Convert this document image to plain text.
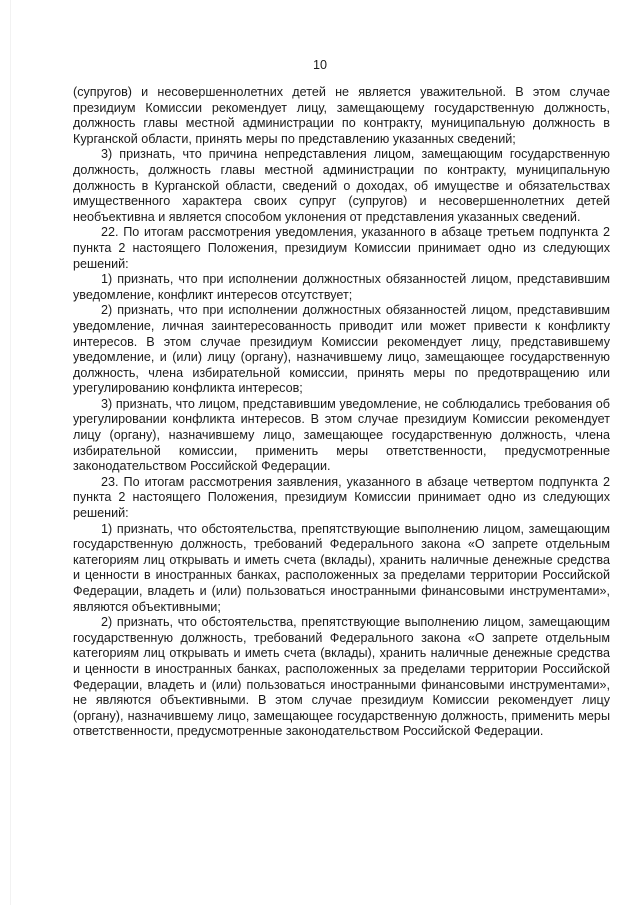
10

(супругов) и несовершеннолетних детей не является уважительной. В этом случае президиум Комиссии рекомендует лицу, замещающему государственную должность, должность главы местной администрации по контракту, муниципальную должность в Курганской области, принять меры по представлению указанных сведений;

3) признать, что причина непредставления лицом, замещающим государственную должность, должность главы местной администрации по контракту, муниципальную должность в Курганской области, сведений о доходах, об имуществе и обязательствах имущественного характера своих супруг (супругов) и несовершеннолетних детей необъективна и является способом уклонения от представления указанных сведений.

22. По итогам рассмотрения уведомления, указанного в абзаце третьем подпункта 2 пункта 2 настоящего Положения, президиум Комиссии принимает одно из следующих решений:

1) признать, что при исполнении должностных обязанностей лицом, представившим уведомление, конфликт интересов отсутствует;

2) признать, что при исполнении должностных обязанностей лицом, представившим уведомление, личная заинтересованность приводит или может привести к конфликту интересов. В этом случае президиум Комиссии рекомендует лицу, представившему уведомление, и (или) лицу (органу), назначившему лицо, замещающее государственную должность, члена избирательной комиссии, принять меры по предотвращению или урегулированию конфликта интересов;

3) признать, что лицом, представившим уведомление, не соблюдались требования об урегулировании конфликта интересов. В этом случае президиум Комиссии рекомендует лицу (органу), назначившему лицо, замещающее государственную должность, члена избирательной комиссии, применить меры ответственности, предусмотренные законодательством Российской Федерации.

23. По итогам рассмотрения заявления, указанного в абзаце четвертом подпункта 2 пункта 2 настоящего Положения, президиум Комиссии принимает одно из следующих решений:

1) признать, что обстоятельства, препятствующие выполнению лицом, замещающим государственную должность, требований Федерального закона «О запрете отдельным категориям лиц открывать и иметь счета (вклады), хранить наличные денежные средства и ценности в иностранных банках, расположенных за пределами территории Российской Федерации, владеть и (или) пользоваться иностранными финансовыми инструментами», являются объективными;

2) признать, что обстоятельства, препятствующие выполнению лицом, замещающим государственную должность, требований Федерального закона «О запрете отдельным категориям лиц открывать и иметь счета (вклады), хранить наличные денежные средства и ценности в иностранных банках, расположенных за пределами территории Российской Федерации, владеть и (или) пользоваться иностранными финансовыми инструментами», не являются объективными. В этом случае президиум Комиссии рекомендует лицу (органу), назначившему лицо, замещающее государственную должность, применить меры ответственности, предусмотренные законодательством Российской Федерации.
